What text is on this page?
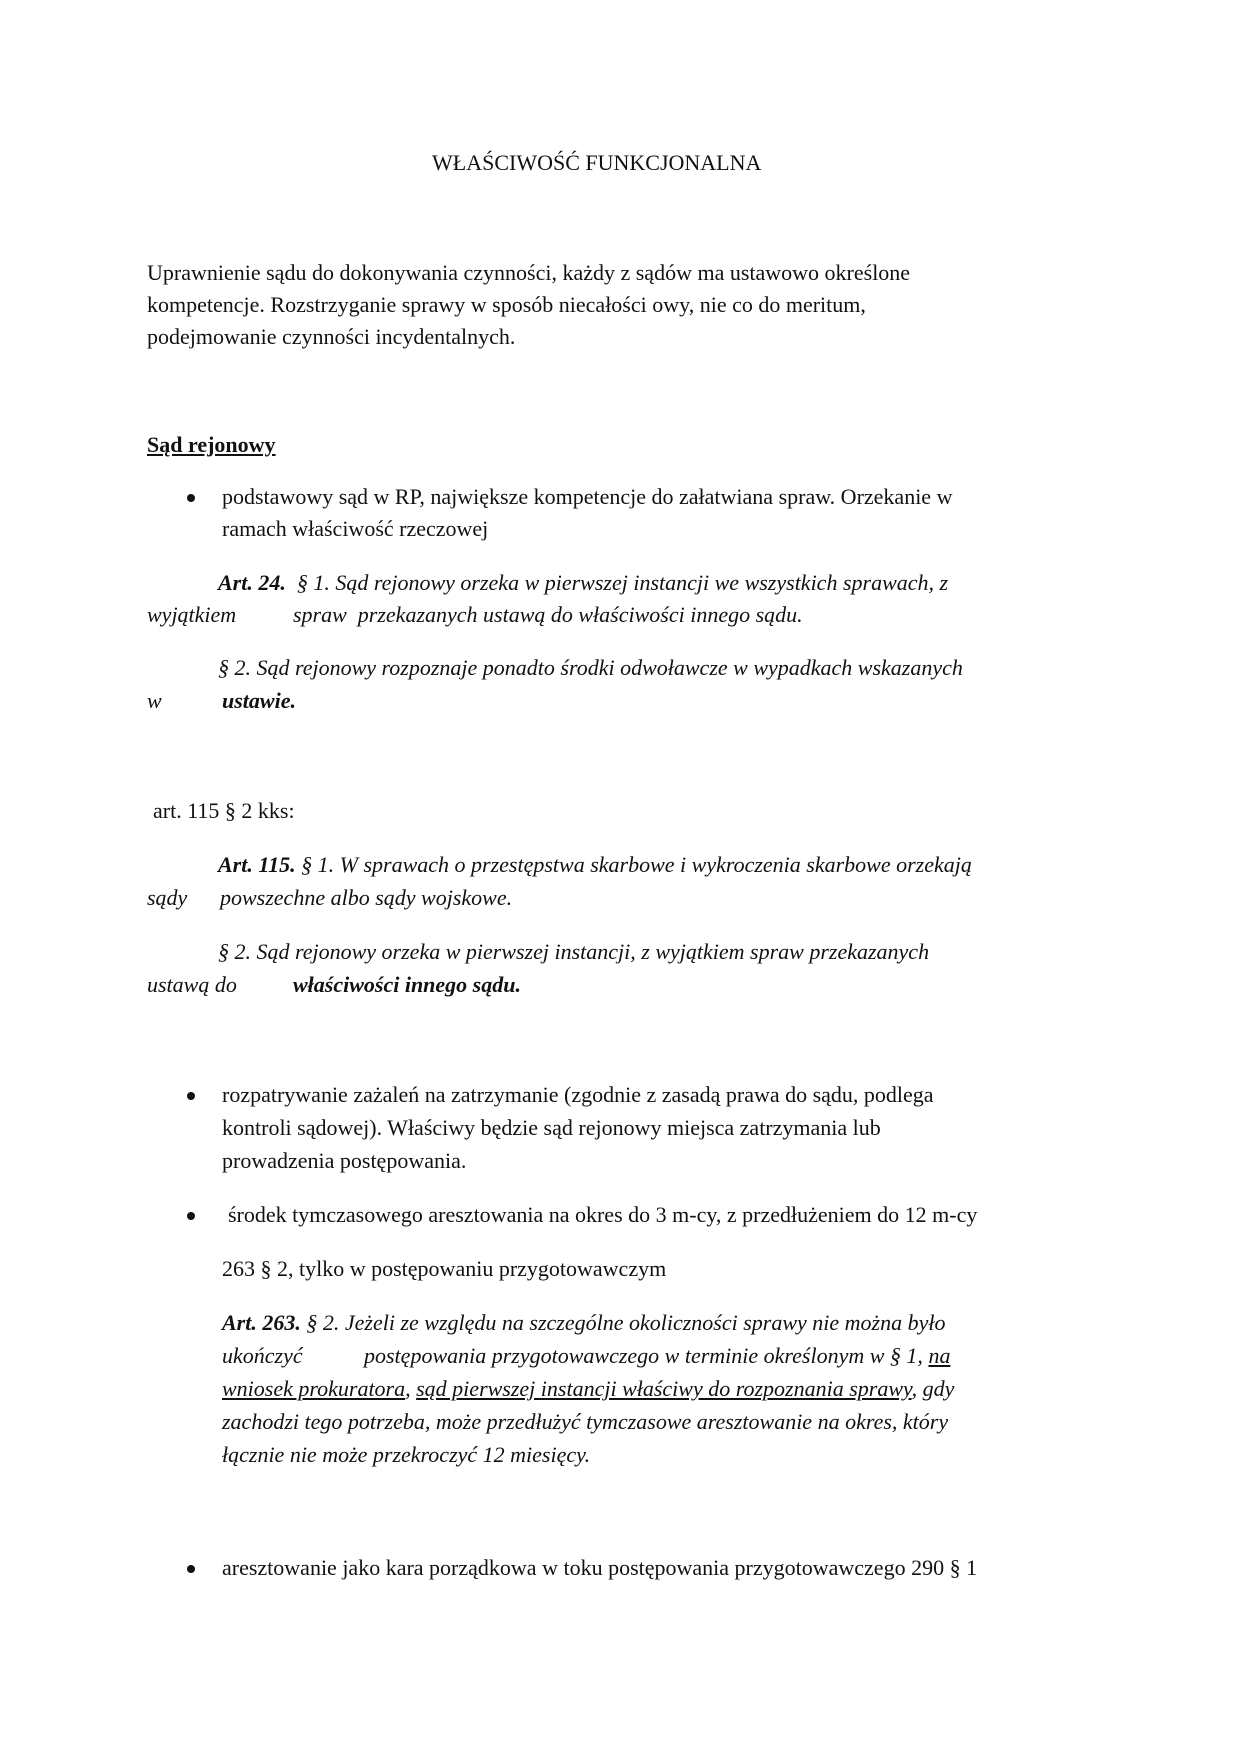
WŁAŚCIWOŚĆ FUNKCJONALNA
Uprawnienie sądu do dokonywania czynności, każdy z sądów ma ustawowo określone
kompetencje. Rozstrzyganie sprawy w sposób niecałości owy, nie co do meritum,
podejmowanie czynności incydentalnych.
Sąd rejonowy
podstawowy sąd w RP, największe kompetencje do załatwiana spraw. Orzekanie w
ramach właściwość rzeczowej
Art. 24. § 1. Sąd rejonowy orzeka w pierwszej instancji we wszystkich sprawach, z
wyjątkiem	spraw  przekazanych ustawą do właściwości innego sądu.
§ 2. Sąd rejonowy rozpoznaje ponadto środki odwoławcze w wypadkach wskazanych
w	ustawie.
art. 115 § 2 kks:
Art. 115. § 1. W sprawach o przestępstwa skarbowe i wykroczenia skarbowe orzekają
sądy powszechne albo sądy wojskowe.
§ 2. Sąd rejonowy orzeka w pierwszej instancji, z wyjątkiem spraw przekazanych
ustawą do	właściwości innego sądu.
rozpatrywanie zażaleń na zatrzymanie (zgodnie z zasadą prawa do sądu, podlega
kontroli sądowej). Właściwy będzie sąd rejonowy miejsca zatrzymania lub
prowadzenia postępowania.
środek tymczasowego aresztowania na okres do 3 m-cy, z przedłużeniem do 12 m-cy
263 § 2, tylko w postępowaniu przygotowawczym
Art. 263. § 2. Jeżeli ze względu na szczególne okoliczności sprawy nie można było
ukończyć	postępowania przygotowawczego w terminie określonym w § 1, na
wniosek prokuratora, sąd pierwszej instancji właściwy do rozpoznania sprawy, gdy
zachodzi tego potrzeba, może przedłużyć tymczasowe aresztowanie na okres, który
łącznie nie może przekroczyć 12 miesięcy.
aresztowanie jako kara porządkowa w toku postępowania przygotowawczego 290 § 1
